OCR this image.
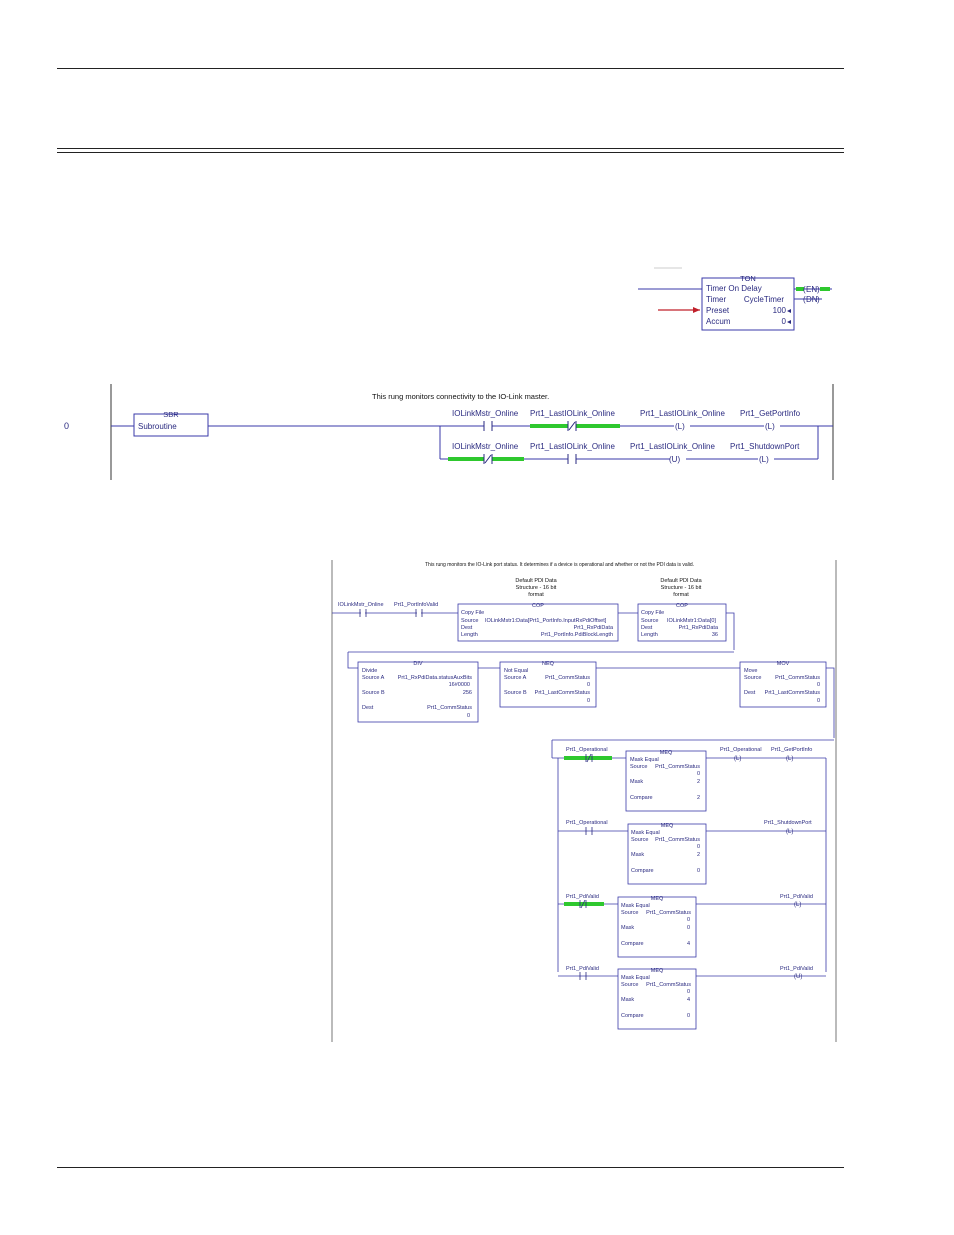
TON
Timer On Delay
Timer CycleTimer
Preset	100
Accum	0
( EN )
( DN )
0
This rung monitors connectivity to the IO-Link master.
SBR
Subroutine	(L)	(L)
IOLinkMstr_Online Prt1_LastIOLink_Online	Prt1_LastIOLink_Online Prt1_GetPortInfo
(U)	(L)
IOLinkMstr_Online Prt1_LastIOLink_Online Prt1_LastIOLink_Online Prt1_ShutdownPort
This rung monitors the IO-Link port status. It determines if a device is operational and whether or not the PDI data is valid.
IOLinkMstr_Online Prt1_PortInfoValid
Default PDI Data
Structure - 16 bit
format
COP
Copy File
Source IOLinkMstr1:Data[Prt1_PortInfo.InputRxPdiOffset]
Dest	Prt1_RxPdiData
Length	Prt1_PortInfo.PdiBlockLength
Default PDI Data
Structure - 16 bit
format
COP
Copy File
Source IOLinkMstr1:Data[0]
Dest	Prt1_RxPdiData
Length	36
DIV
Divide
Source A Prt1_RxPdiData.statusAuxBits
16#0000
Source B	256
Dest	Prt1_CommStatus
0
NEQ
Not Equal
Source A	Prt1_CommStatus
0
Source B Prt1_LastCommStatus
0
MOV
Move
Source Prt1_CommStatus
0
Dest Prt1_LastCommStatus
0
Prt1_Operational	MEQ
Mask Equal
Source Prt1_CommStatus
0
Mask	2
Compare	2
(L)	(L)
Prt1_Operational Prt1_GetPortInfo
Prt1_Operational	MEQ
Mask Equal
Source Prt1_CommStatus
0
Mask	2
Compare	0
(L)
Prt1_ShutdownPort
Prt1_PdiValid	MEQ
Mask Equal
Source Prt1_CommStatus
0
Mask	0
Compare	4
(L)
Prt1_PdiValid
Prt1_PdiValid	MEQ
Mask Equal
Source Prt1_CommStatus
0
Mask	4
Compare	0
(U)
Prt1_PdiValid
